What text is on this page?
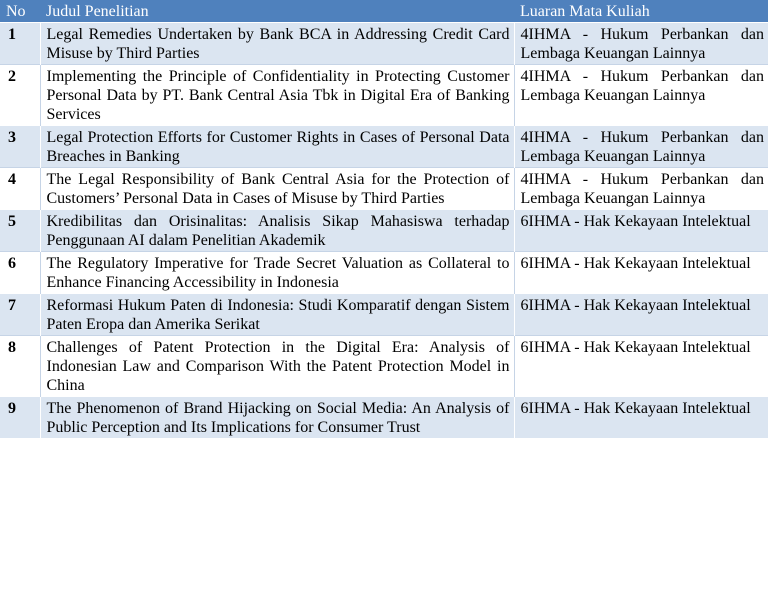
No	Judul Penelitian	Luaran Mata Kuliah
1	Legal Remedies Undertaken by Bank BCA in Addressing Credit Card Misuse by Third Parties	4IHMA - Hukum Perbankan dan Lembaga Keuangan Lainnya
2	Implementing the Principle of Confidentiality in Protecting Customer Personal Data by PT. Bank Central Asia Tbk in Digital Era of Banking Services	4IHMA - Hukum Perbankan dan Lembaga Keuangan Lainnya
3	Legal Protection Efforts for Customer Rights in Cases of Personal Data Breaches in Banking	4IHMA - Hukum Perbankan dan Lembaga Keuangan Lainnya
4	The Legal Responsibility of Bank Central Asia for the Protection of Customers’ Personal Data in Cases of Misuse by Third Parties	4IHMA - Hukum Perbankan dan Lembaga Keuangan Lainnya
5	Kredibilitas dan Orisinalitas: Analisis Sikap Mahasiswa terhadap Penggunaan AI dalam Penelitian Akademik	6IHMA - Hak Kekayaan Intelektual
6	The Regulatory Imperative for Trade Secret Valuation as Collateral to Enhance Financing Accessibility in Indonesia	6IHMA - Hak Kekayaan Intelektual
7	Reformasi Hukum Paten di Indonesia: Studi Komparatif dengan Sistem Paten Eropa dan Amerika Serikat	6IHMA - Hak Kekayaan Intelektual
8	Challenges of Patent Protection in the Digital Era: Analysis of Indonesian Law and Comparison With the Patent Protection Model in China	6IHMA - Hak Kekayaan Intelektual
9	The Phenomenon of Brand Hijacking on Social Media: An Analysis of Public Perception and Its Implications for Consumer Trust	6IHMA - Hak Kekayaan Intelektual
